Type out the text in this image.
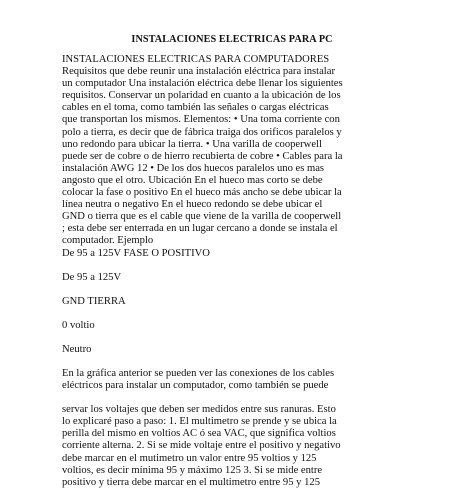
INSTALACIONES ELECTRICAS PARA PC
INSTALACIONES ELECTRICAS PARA COMPUTADORES
Requisitos que debe reunir una instalación eléctrica para instalar
un computador Una instalación eléctrica debe llenar los siguientes
requisitos. Conservar un polaridad en cuanto a la ubicación de los
cables en el toma, como también las señales o cargas eléctricas
que transportan los mismos. Elementos: • Una toma corriente con
polo a tierra, es decir que de fábrica traiga dos orificos paralelos y
uno redondo para ubicar la tierra. • Una varilla de cooperwell
puede ser de cobre o de hierro recubierta de cobre • Cables para la
instalación AWG 12 • De los dos huecos paralelos uno es mas
angosto que el otro. Ubicación En el hueco mas corto se debe
colocar la fase o positivo En el hueco más ancho se debe ubicar la
línea neutra o negativo En el hueco redondo se debe ubicar el
GND o tierra que es el cable que viene de la varilla de cooperwell
; esta debe ser enterrada en un lugar cercano a donde se instala el
computador. Ejemplo
De 95 a 125V FASE O POSITIVO
De 95 a 125V
GND TIERRA
0 voltio
Neutro
En la gráfica anterior se pueden ver las conexiones de los cables
eléctricos para instalar un computador, como también se puede
servar los voltajes que deben ser medidos entre sus ranuras. Esto
lo explicaré paso a paso: 1. El multimetro se prende y se ubica la
perilla del mismo en voltios AC ó sea VAC, que significa voltios
corriente alterna. 2. Si se mide voltaje entre el positivo y negativo
debe marcar en el mutimetro un valor entre 95 voltios y 125
voltios, es decir mínima 95 y máximo 125 3. Si se mide entre
positivo y tierra debe marcar en el multimetro entre 95 y 125
